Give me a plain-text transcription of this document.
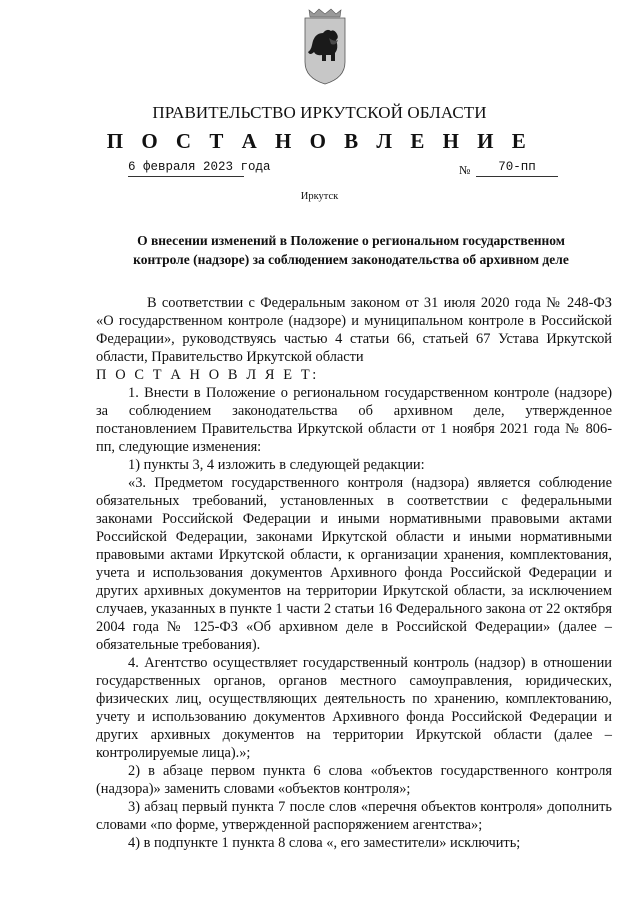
ПРАВИТЕЛЬСТВО ИРКУТСКОЙ ОБЛАСТИ
П О С Т А Н О В Л Е Н И Е
6 февраля 2023 года	№	70-пп
Иркутск
О внесении изменений в Положение о региональном государственном
контроле (надзоре) за соблюдением законодательства об архивном деле

В соответствии с Федеральным законом от 31 июля 2020 года № 248-ФЗ «О государственном контроле (надзоре) и муниципальном контроле в Российской Федерации», руководствуясь частью 4 статьи 66, статьей 67 Устава Иркутской области, Правительство Иркутской области

П О С Т А Н О В Л Я Е Т:

1. Внести в Положение о региональном государственном контроле (надзоре) за соблюдением законодательства об архивном деле, утвержденное постановлением Правительства Иркутской области от 1 ноября 2021 года № 806-пп, следующие изменения:

1) пункты 3, 4 изложить в следующей редакции:

«3. Предметом государственного контроля (надзора) является соблюдение обязательных требований, установленных в соответствии с федеральными законами Российской Федерации и иными нормативными правовыми актами Российской Федерации, законами Иркутской области и иными нормативными правовыми актами Иркутской области, к организации хранения, комплектования, учета и использования документов Архивного фонда Российской Федерации и других архивных документов на территории Иркутской области, за исключением случаев, указанных в пункте 1 части 2 статьи 16 Федерального закона от 22 октября 2004 года № 125-ФЗ «Об архивном деле в Российской Федерации» (далее – обязательные требования).

4. Агентство осуществляет государственный контроль (надзор) в отношении государственных органов, органов местного самоуправления, юридических, физических лиц, осуществляющих деятельность по хранению, комплектованию, учету и использованию документов Архивного фонда Российской Федерации и других архивных документов на территории Иркутской области (далее – контролируемые лица).»;

2) в абзаце первом пункта 6 слова «объектов государственного контроля (надзора)» заменить словами «объектов контроля»;

3) абзац первый пункта 7 после слов «перечня объектов контроля» дополнить словами «по форме, утвержденной распоряжением агентства»;

4) в подпункте 1 пункта 8 слова «, его заместители» исключить;
